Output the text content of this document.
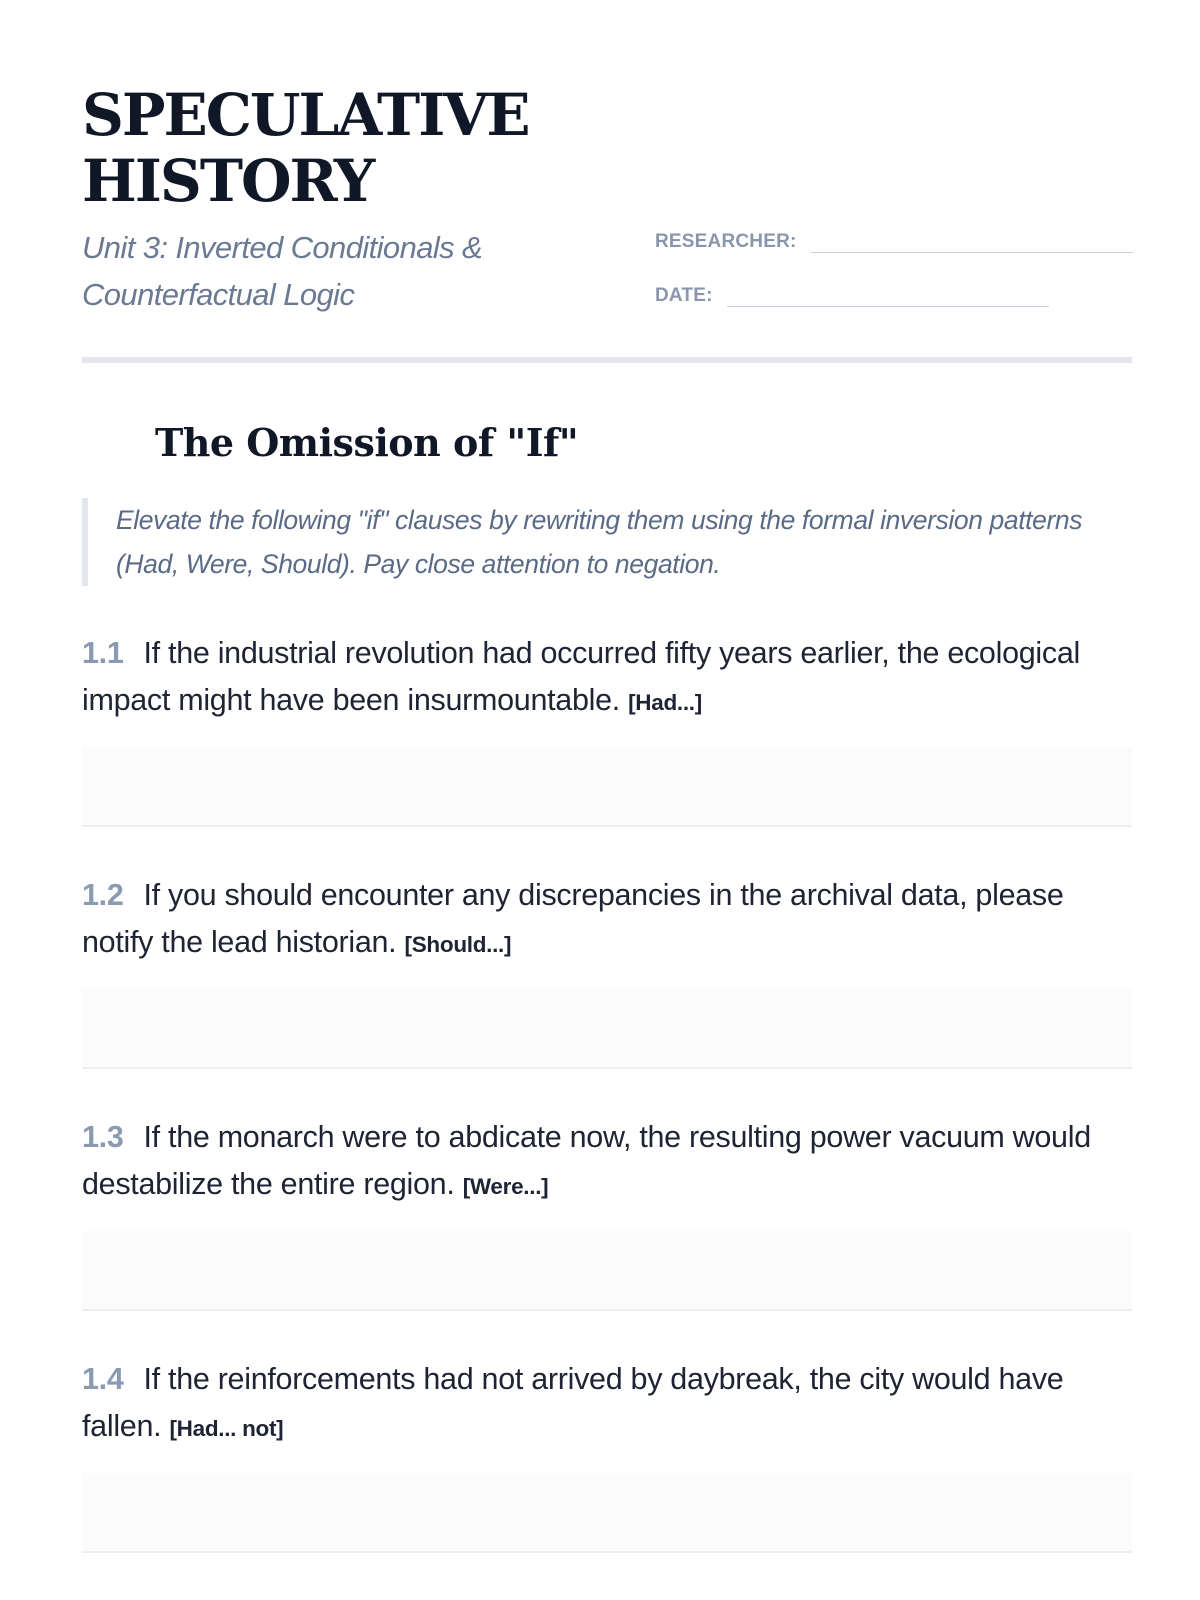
SPECULATIVE HISTORY
Unit 3: Inverted Conditionals & Counterfactual Logic
RESEARCHER:
DATE:
The Omission of "If"
Elevate the following "if" clauses by rewriting them using the formal inversion patterns (Had, Were, Should). Pay close attention to negation.
1.1 If the industrial revolution had occurred fifty years earlier, the ecological impact might have been insurmountable. [Had...]
1.2 If you should encounter any discrepancies in the archival data, please notify the lead historian. [Should...]
1.3 If the monarch were to abdicate now, the resulting power vacuum would destabilize the entire region. [Were...]
1.4 If the reinforcements had not arrived by daybreak, the city would have fallen. [Had... not]
